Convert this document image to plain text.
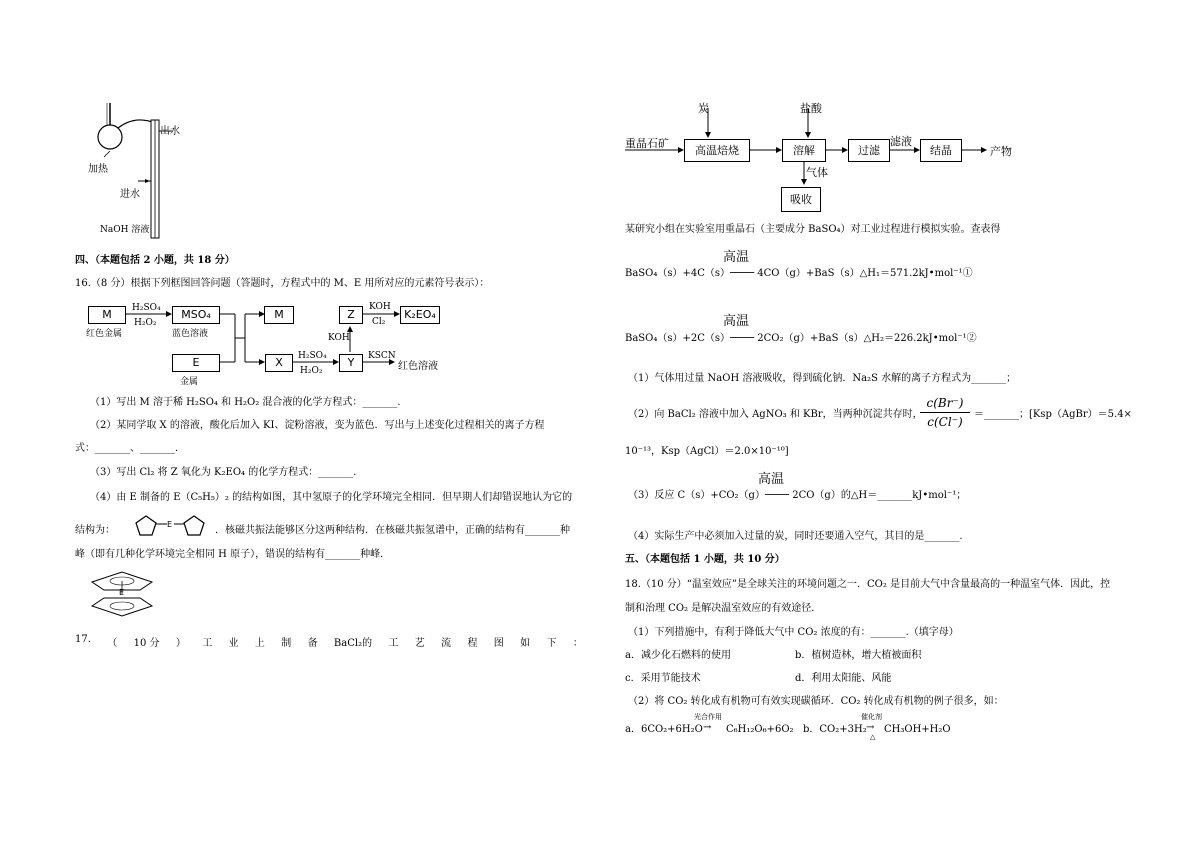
加热
出水
进水
NaOH 溶液
四、（本题包括 2 小题，共 18 分）
16.（8 分）根据下列框图回答问题（答题时，方程式中的 M、E 用所对应的元素符号表示）：
M
红色金属
H₂SO₄
H₂O₂
MSO₄
蓝色溶液
M
E
金属
X	H₂SO₄
H₂O₂
Y	KSCN
红色溶液
KOH
Z
KOH
Cl₂
K₂EO₄
（1）写出 M 溶于稀 H₂SO₄ 和 H₂O₂ 混合液的化学方程式：_______.
（2）某同学取 X 的溶液，酸化后加入 KI、淀粉溶液，变为蓝色．写出与上述变化过程相关的离子方程
式：_______、_______．
（3）写出 Cl₂ 将 Z 氧化为 K₂EO₄ 的化学方程式：_______.
（4）由 E 制备的 E（C₅H₅）₂ 的结构如图，其中氢原子的化学环境完全相同．但早期人们却错误地认为它的
结构为：
E
．核磁共振法能够区分这两种结构．在核磁共振氢谱中，正确的结构有_______种
峰（即有几种化学环境完全相同 H 原子），错误的结构有_______种峰．
E
17. （ 10 分 ） 工 业 上 制 备 BaCl₂的 工 艺 流 程 图 如 下 ：
炭	盐酸
重晶石矿
高温焙烧	溶解	过滤
滤液
结晶	产物
气体
吸收
某研究小组在实验室用重晶石（主要成分 BaSO₄）对工业过程进行模拟实验。查表得
高温
BaSO₄（s）+4C（s）──── 4CO（g）+BaS（s）△H₁＝571.2kJ•mol⁻¹①
高温
BaSO₄（s）+2C（s）──── 2CO₂（g）+BaS（s）△H₂＝226.2kJ•mol⁻¹②
（1）气体用过量 NaOH 溶液吸收，得到硫化钠．Na₂S 水解的离子方程式为_______；
（2）向 BaCl₂ 溶液中加入 AgNO₃ 和 KBr，当两种沉淀共存时，
$\frac{c(Br^-)}{c(Cl^-)}$ ＝_______；[Ksp（AgBr）＝5.4×
10⁻¹³，Ksp（AgCl）＝2.0×10⁻¹⁰]
高温
（3）反应 C（s）+CO₂（g）──── 2CO（g）的△H＝_______kJ•mol⁻¹；
（4）实际生产中必须加入过量的炭，同时还要通入空气，其目的是_______.
五、（本题包括 1 小题，共 10 分）
18.（10 分）“温室效应”是全球关注的环境问题之一．CO₂ 是目前大气中含量最高的一种温室气体．因此，控
制和治理 CO₂ 是解决温室效应的有效途径．
（1）下列措施中，有利于降低大气中 CO₂ 浓度的有：_______.（填字母）
a．减少化石燃料的使用	b．植树造林，增大植被面积
c．采用节能技术	d．利用太阳能、风能
（2）将 CO₂ 转化成有机物可有效实现碳循环．CO₂ 转化成有机物的例子很多，如：
光合作用
a．6CO₂+6H₂O → C₆H₁₂O₆+6O₂
催化剂
b．CO₂+3H₂ →
△
CH₃OH+H₂O
